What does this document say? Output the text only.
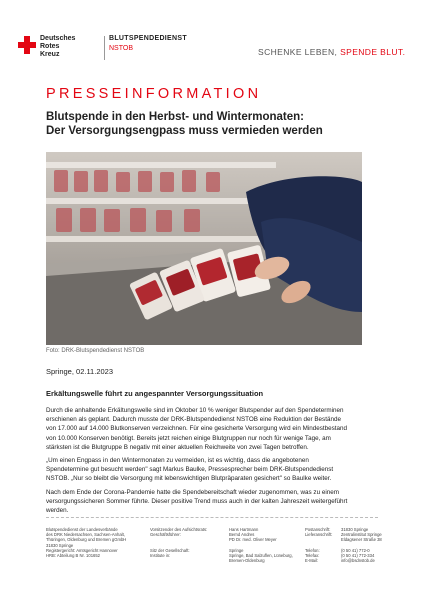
Deutsches
Rotes
Kreuz
BLUTSPENDEDIENST
NSTOB	SCHENKE LEBEN, SPENDE BLUT.
PRESSEINFORMATION
Blutspende in den Herbst- und Wintermonaten:
Der Versorgungsengpass muss vermieden werden
Foto: DRK-Blutspendedienst NSTOB
Springe, 02.11.2023
Erkältungswelle führt zu angespannter Versorgungssituation
Durch die anhaltende Erkältungswelle sind im Oktober 10 % weniger Blutspender auf den Spendeterminen
erschienen als geplant. Dadurch musste der DRK-Blutspendedienst NSTOB eine Reduktion der Bestände
von 17.000 auf 14.000 Blutkonserven verzeichnen. Für eine gesicherte Versorgung wird ein Mindestbestand
von 10.000 Konserven benötigt. Bereits jetzt reichen einige Blutgruppen nur noch für wenige Tage, am
stärksten ist die Blutgruppe B negativ mit einer aktuellen Reichweite von zwei Tagen betroffen.
„Um einen Engpass in den Wintermonaten zu vermeiden, ist es wichtig, dass die angebotenen
Spendetermine gut besucht werden" sagt Markus Baulke, Pressesprecher beim DRK-Blutspendedienst
NSTOB. „Nur so bleibt die Versorgung mit lebenswichtigen Blutpräparaten gesichert" so Baulke weiter.
Nach dem Ende der Corona-Pandemie hatte die Spendebereitschaft wieder zugenommen, was zu einem
versorgungssicheren Sommer führte. Dieser positive Trend muss auch in der kalten Jahreszeit weitergeführt
werden.
Blutspendedienst der Landesverbände
des DRK Niedersachsen, Sachsen-Anhalt,
Thüringen, Oldenburg und Bremen gGmbH
31830 Springe
Registergericht: Amtsgericht Hannover
HRB: Abteilung B Nr. 101652
Vorsitzender des Aufsichtsrats:
Geschäftsführer:

Sitz der Gesellschaft:
Institute in:
Hans Hartmann
Bernd Andres
PD Dr. med. Oliver Meyer

Springe
Springe, Bad Salzuflen, Lüneburg,
Bremen-Oldenburg
Postanschrift:
Lieferanschrift:

Telefon:
Telefax:
E-Mail:
31830 Springe
Zentralinstitut Springe
Eldagsener Straße 38

(0 50 41) 772-0
(0 50 41) 772-334
info@bsdnstob.de
